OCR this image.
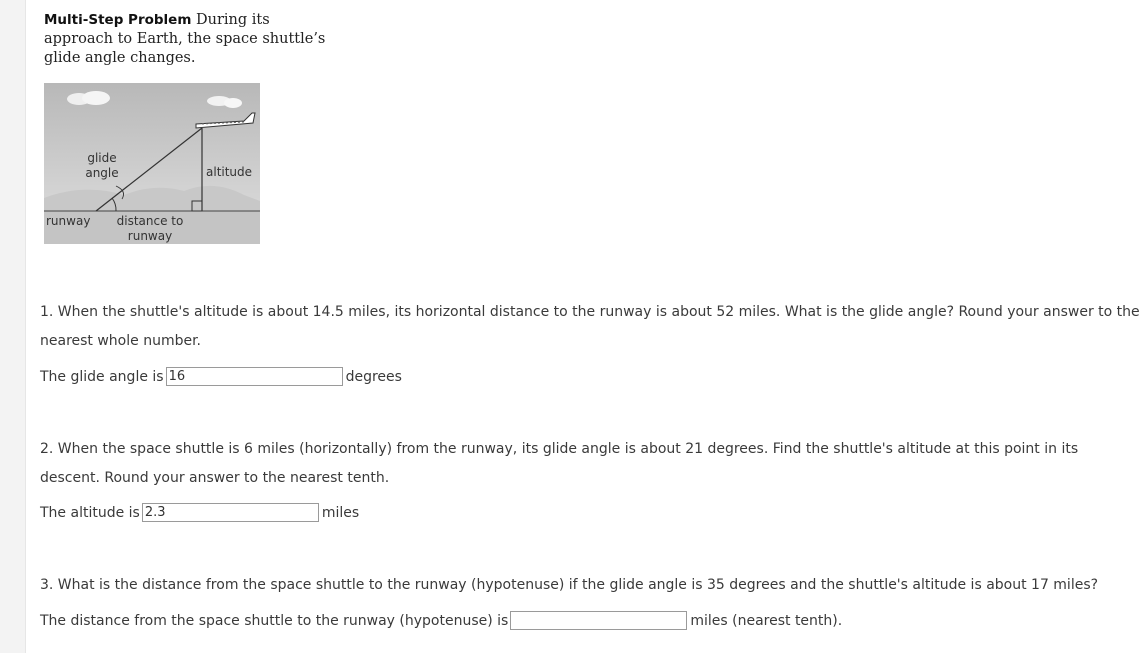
Multi-Step Problem During its approach to Earth, the space shuttle’s glide angle changes.
glide
angle	altitude
runway distance to
runway
1. When the shuttle's altitude is about 14.5 miles, its horizontal distance to the runway is about 52 miles. What is the glide angle? Round your answer to the nearest whole number.
The glide angle is
16	degrees
2. When the space shuttle is 6 miles (horizontally) from the runway, its glide angle is about 21 degrees. Find the shuttle's altitude at this point in its descent. Round your answer to the nearest tenth.
The altitude is
2.3	miles
3. What is the distance from the space shuttle to the runway (hypotenuse) if the glide angle is 35 degrees and the shuttle's altitude is about 17 miles?
The distance from the space shuttle to the runway (hypotenuse) is	miles (nearest tenth).
